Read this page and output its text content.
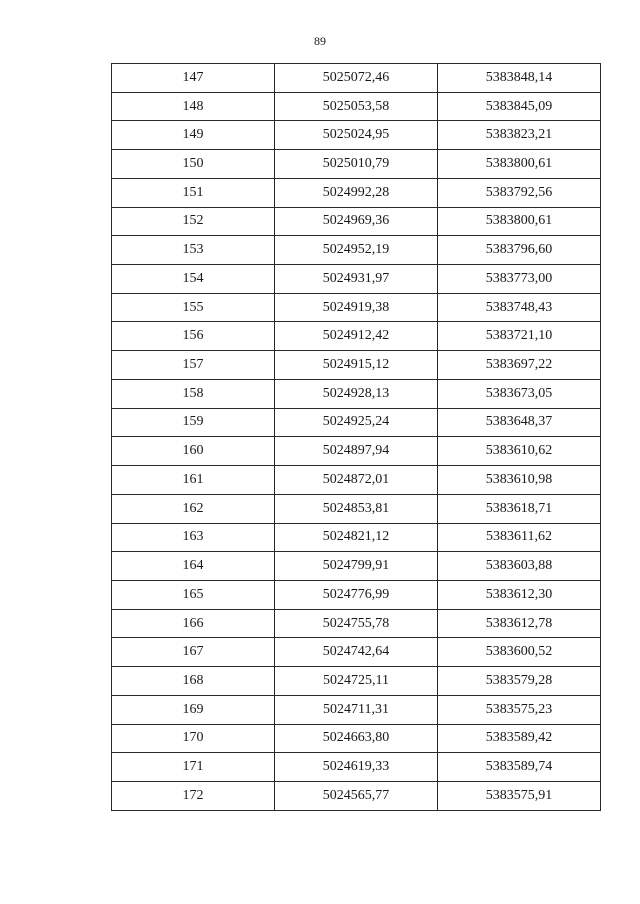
89
147	5025072,46	5383848,14
148	5025053,58	5383845,09
149	5025024,95	5383823,21
150	5025010,79	5383800,61
151	5024992,28	5383792,56
152	5024969,36	5383800,61
153	5024952,19	5383796,60
154	5024931,97	5383773,00
155	5024919,38	5383748,43
156	5024912,42	5383721,10
157	5024915,12	5383697,22
158	5024928,13	5383673,05
159	5024925,24	5383648,37
160	5024897,94	5383610,62
161	5024872,01	5383610,98
162	5024853,81	5383618,71
163	5024821,12	5383611,62
164	5024799,91	5383603,88
165	5024776,99	5383612,30
166	5024755,78	5383612,78
167	5024742,64	5383600,52
168	5024725,11	5383579,28
169	5024711,31	5383575,23
170	5024663,80	5383589,42
171	5024619,33	5383589,74
172	5024565,77	5383575,91
